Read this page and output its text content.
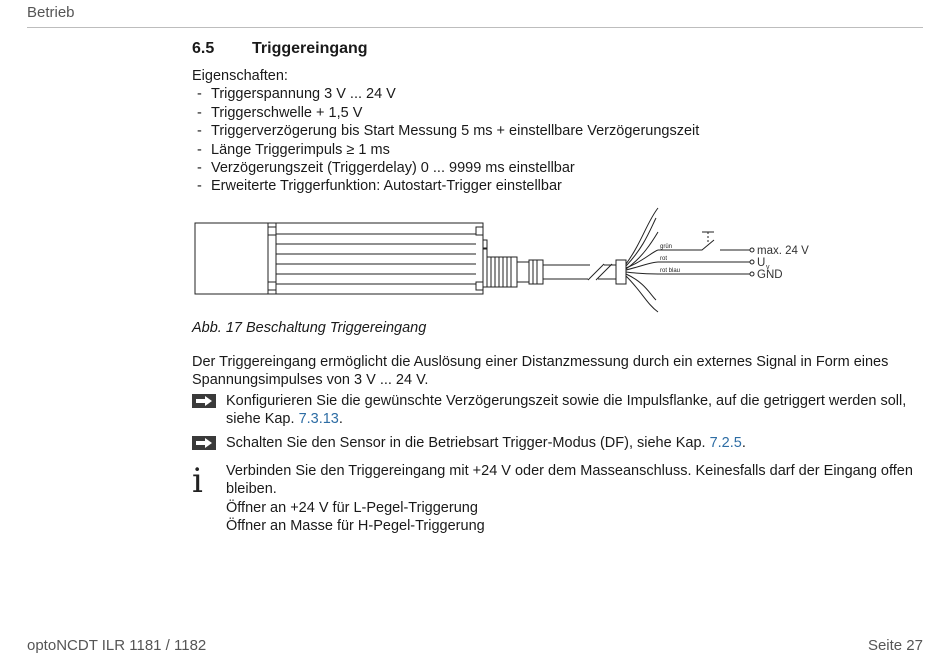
Betrieb
6.5 Triggereingang
Eigenschaften:
- Triggerspannung 3 V ... 24 V
- Triggerschwelle + 1,5 V
- Triggerverzögerung bis Start Messung 5 ms + einstellbare Verzögerungszeit
- Länge Triggerimpuls ≥ 1 ms
- Verzögerungszeit (Triggerdelay) 0 ... 9999 ms einstellbar
- Erweiterte Triggerfunktion: Autostart-Trigger einstellbar
grün
rot
rot blau
max. 24 V
U v
GND
Abb. 17 Beschaltung Triggereingang
Der Triggereingang ermöglicht die Auslösung einer Distanzmessung durch ein externes Signal in Form eines Spannungsimpulses von 3 V ... 24 V.
Konfigurieren Sie die gewünschte Verzögerungszeit sowie die Impulsflanke, auf die getriggert werden soll, siehe Kap. 7.3.13.
Schalten Sie den Sensor in die Betriebsart Trigger-Modus (DF), siehe Kap. 7.2.5.
i Verbinden Sie den Triggereingang mit +24 V oder dem Masseanschluss. Keinesfalls darf der Eingang offen bleiben.
Öffner an +24 V für L-Pegel-Triggerung
Öffner an Masse für H-Pegel-Triggerung
optoNCDT ILR 1181 / 1182	Seite 27
